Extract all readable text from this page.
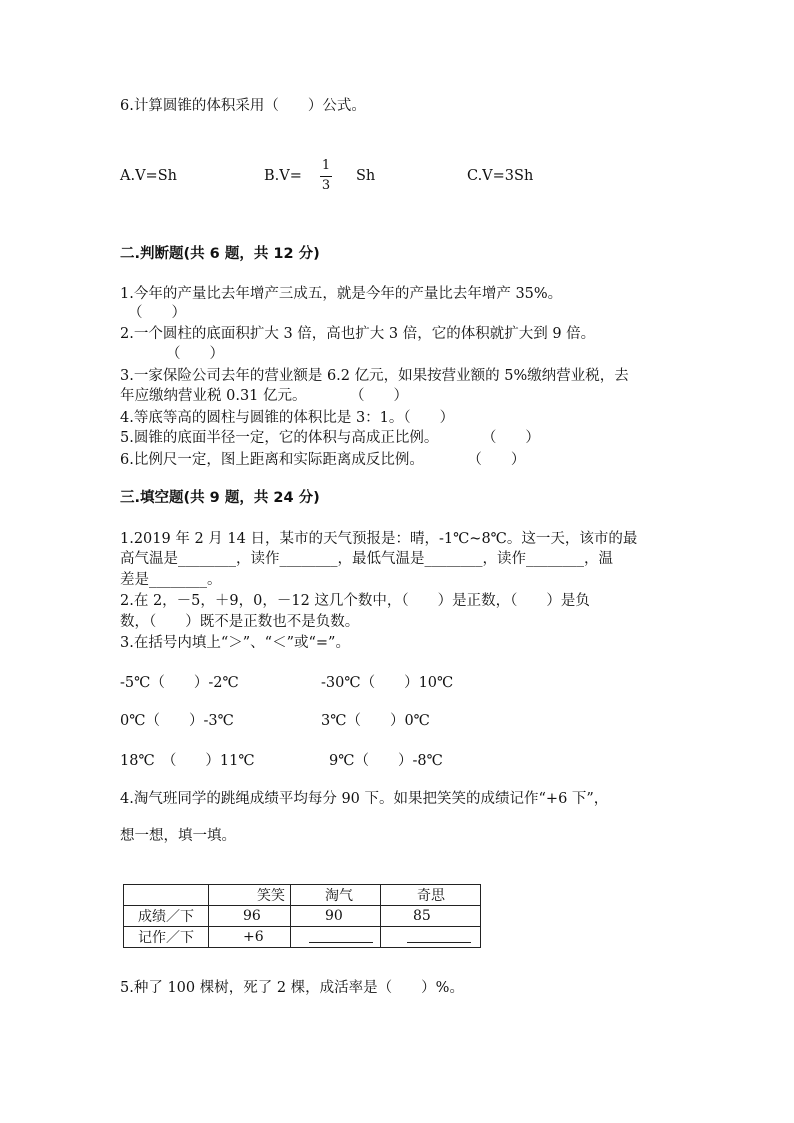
6.计算圆锥的体积采用（　　）公式。
A.V=Sh	B.V=
1
3
Sh	C.V=3Sh
二.判断题(共 6 题，共 12 分)
1.今年的产量比去年增产三成五，就是今年的产量比去年增产 35%。
（　　）
2.一个圆柱的底面积扩大 3 倍，高也扩大 3 倍，它的体积就扩大到 9 倍。
（　　）
3.一家保险公司去年的营业额是 6.2 亿元，如果按营业额的 5%缴纳营业税，去
年应缴纳营业税 0.31 亿元。　　　　（　　）
4.等底等高的圆柱与圆锥的体积比是 3：1。（　　）
5.圆锥的底面半径一定，它的体积与高成正比例。　　　　（　　）
6.比例尺一定，图上距离和实际距离成反比例。　　　　（　　）
三.填空题(共 9 题，共 24 分)
1.2019 年 2 月 14 日，某市的天气预报是：晴，-1℃~8℃。这一天，该市的最
高气温是________，读作________，最低气温是________，读作________，温
差是________。
2.在 2，－5，＋9，0，－12 这几个数中，（　　）是正数，（　　）是负
数，（　　）既不是正数也不是负数。
3.在括号内填上“＞”、“＜”或“=”。
-5℃（　　）-2℃	-30℃（　　）10℃
0℃（　　）-3℃	3℃（　　）0℃
18℃　（　　）11℃	9℃（　　）-8℃
4.淘气班同学的跳绳成绩平均每分 90 下。如果把笑笑的成绩记作“+6 下”，
想一想，填一填。
	笑笑	淘气	奇思
成绩／下	96	90	85
记作／下	+6		
5.种了 100 棵树，死了 2 棵，成活率是（　　）%。
